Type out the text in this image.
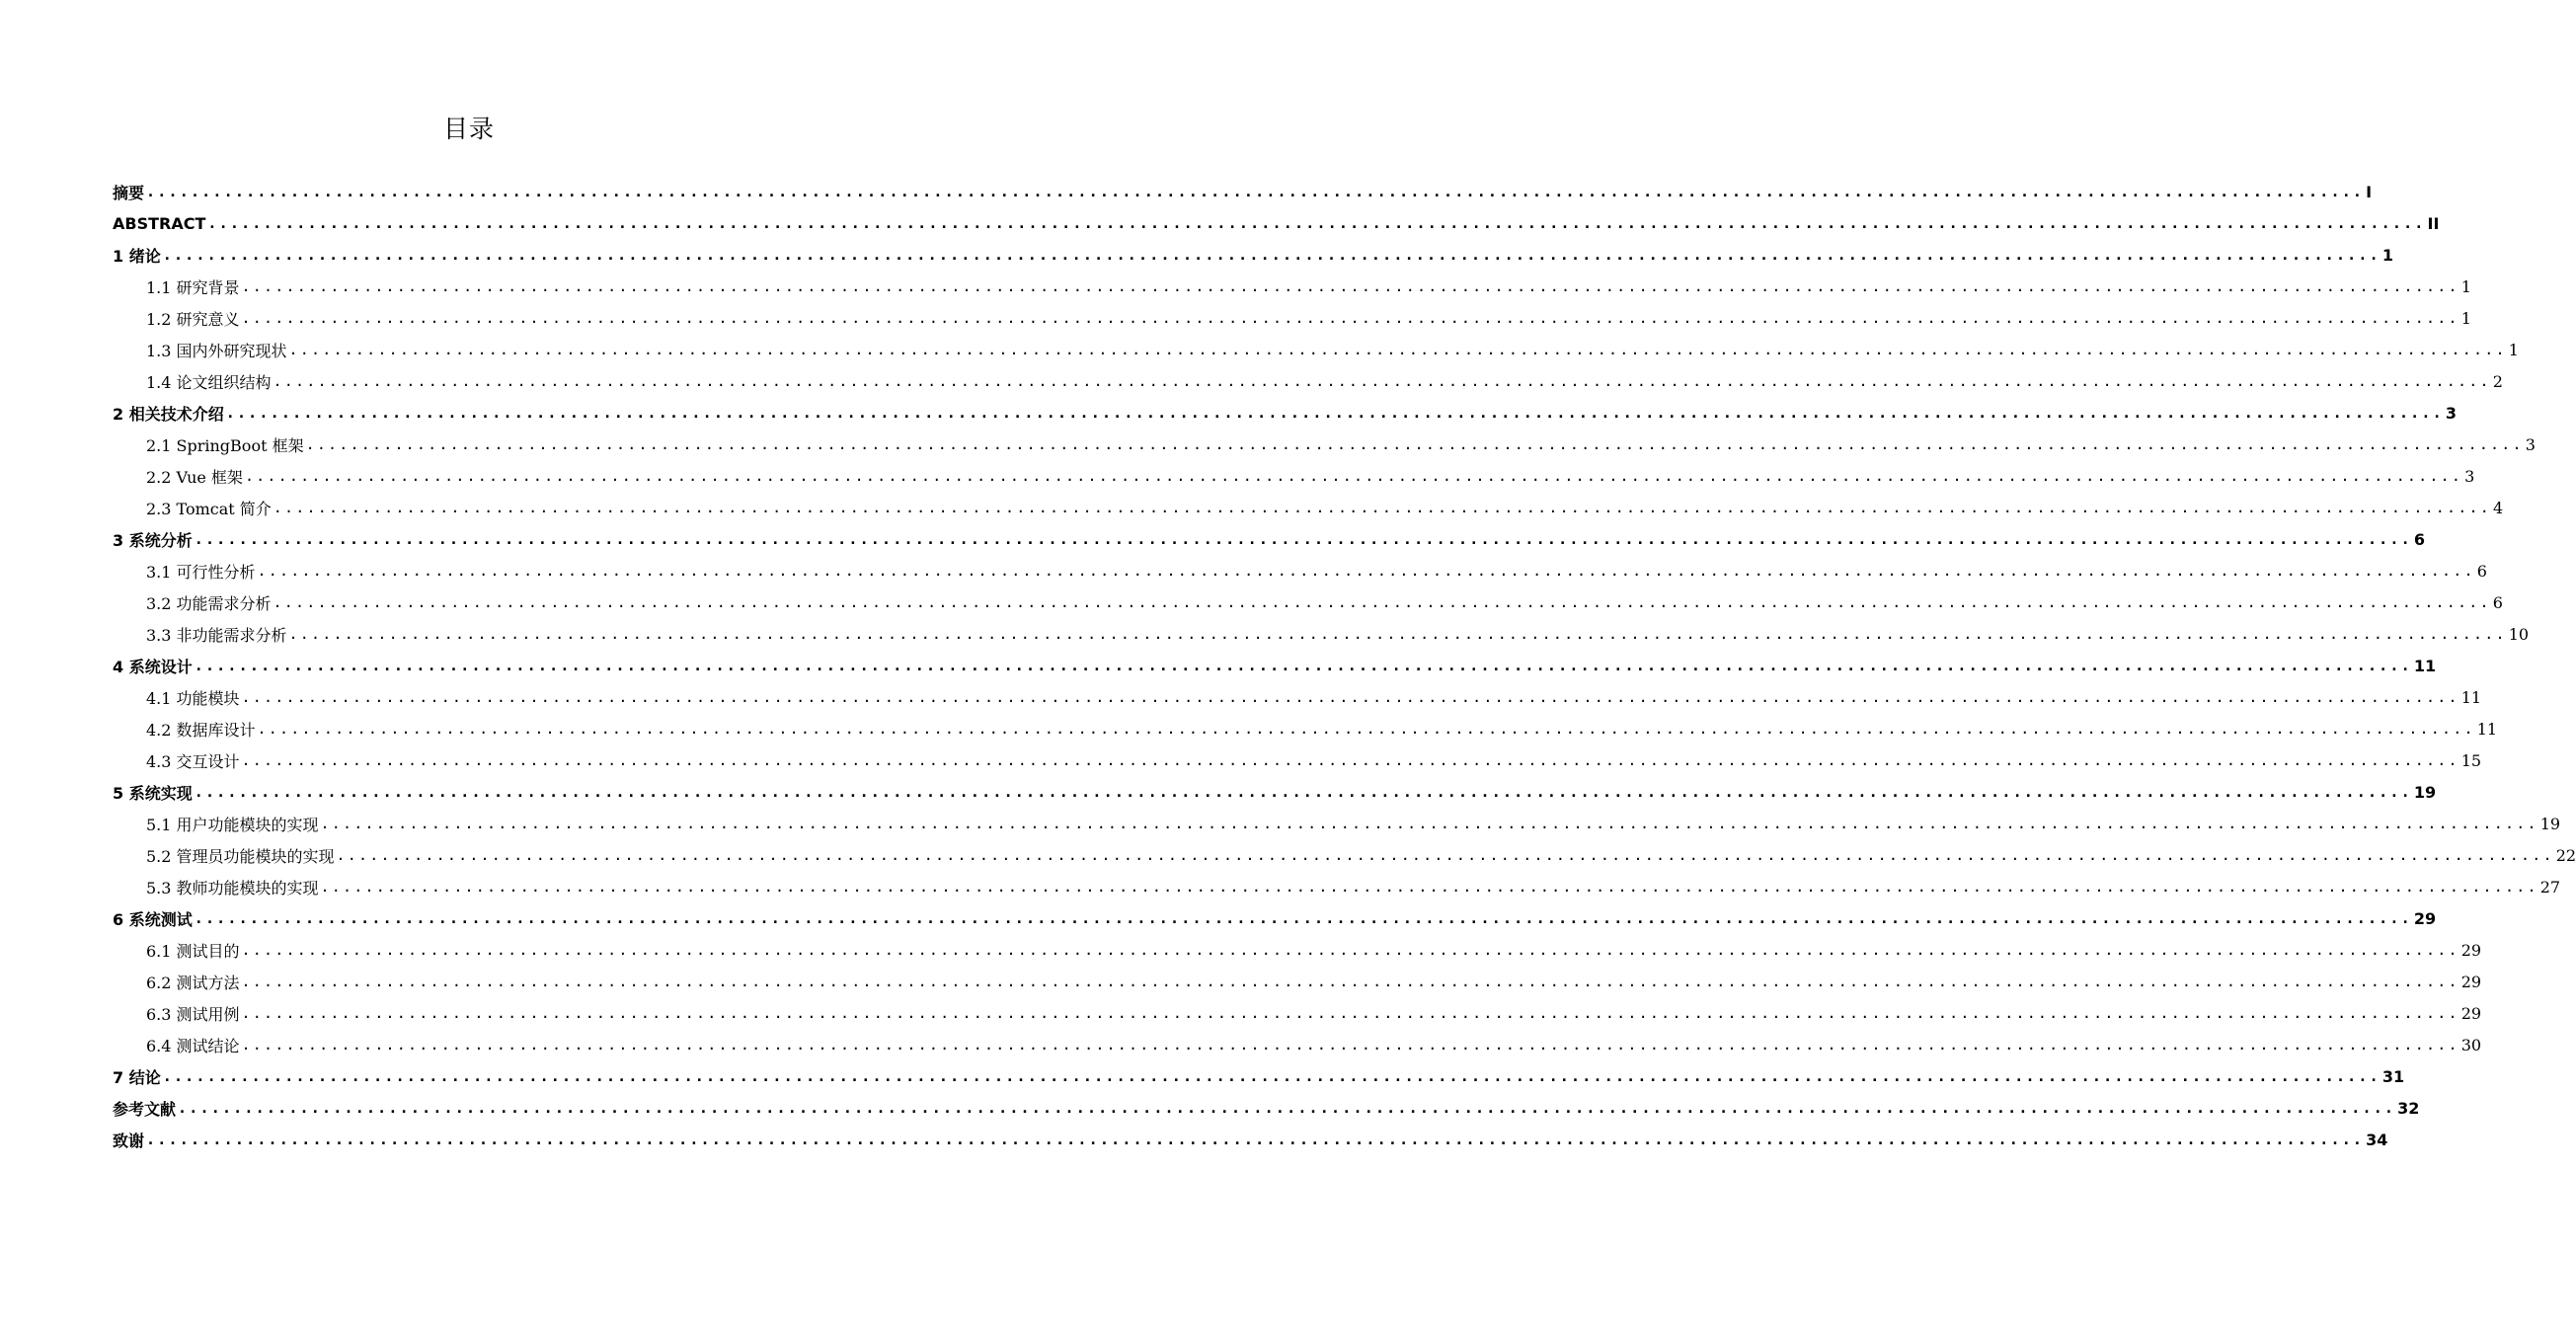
目录
摘要 ........................................................................................................................................................................................................ I
ABSTRACT ........................................................................................................................................................................................................ II
1 绪论 ........................................................................................................................................................................................................ 1
1.1 研究背景 ........................................................................................................................................................................................................ 1
1.2 研究意义 ........................................................................................................................................................................................................ 1
1.3 国内外研究现状 ........................................................................................................................................................................................................ 1
1.4 论文组织结构 ........................................................................................................................................................................................................ 2
2 相关技术介绍 ........................................................................................................................................................................................................ 3
2.1 SpringBoot 框架 ........................................................................................................................................................................................................ 3
2.2 Vue 框架 ........................................................................................................................................................................................................ 3
2.3 Tomcat 简介 ........................................................................................................................................................................................................ 4
3 系统分析 ........................................................................................................................................................................................................ 6
3.1 可行性分析 ........................................................................................................................................................................................................ 6
3.2 功能需求分析 ........................................................................................................................................................................................................ 6
3.3 非功能需求分析 ........................................................................................................................................................................................................ 10
4 系统设计 ........................................................................................................................................................................................................ 11
4.1 功能模块 ........................................................................................................................................................................................................ 11
4.2 数据库设计 ........................................................................................................................................................................................................ 11
4.3 交互设计 ........................................................................................................................................................................................................ 15
5 系统实现 ........................................................................................................................................................................................................ 19
5.1 用户功能模块的实现 ........................................................................................................................................................................................................ 19
5.2 管理员功能模块的实现 ........................................................................................................................................................................................................ 22
5.3 教师功能模块的实现 ........................................................................................................................................................................................................ 27
6 系统测试 ........................................................................................................................................................................................................ 29
6.1 测试目的 ........................................................................................................................................................................................................ 29
6.2 测试方法 ........................................................................................................................................................................................................ 29
6.3 测试用例 ........................................................................................................................................................................................................ 29
6.4 测试结论 ........................................................................................................................................................................................................ 30
7 结论 ........................................................................................................................................................................................................ 31
参考文献 ........................................................................................................................................................................................................ 32
致谢 ........................................................................................................................................................................................................ 34
